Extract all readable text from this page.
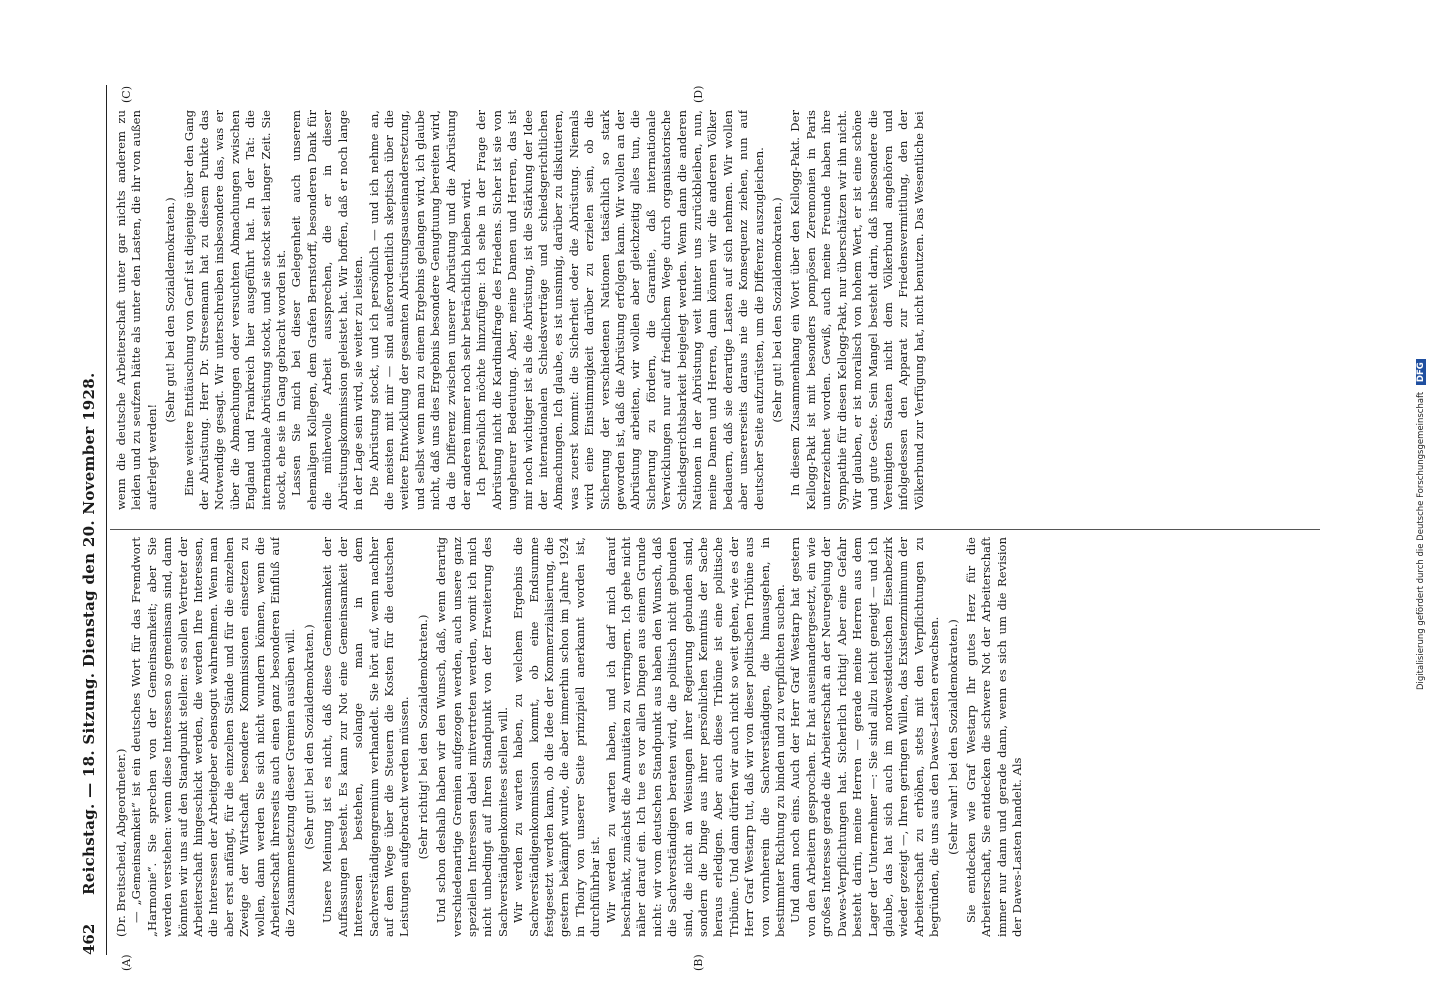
462
Reichstag. — 18. Sitzung. Dienstag den 20. November 1928.
(A)	(B)
(C)	(D)

(Dr. Breitscheid, Abgeordneter.) — „Gemeinsamkeit“ ist ein deutsches Wort für das Fremdwort „Harmonie“. Sie sprechen von der Gemeinsamkeit; aber Sie werden verstehen: wenn diese Interessen so gemeinsam sind, dann könnten wir uns auf den Standpunkt stellen: es sollen Vertreter der Arbeiterschaft hingeschickt werden, die werden Ihre Interessen, die Interessen der Arbeitgeber ebensogut wahrnehmen. Wenn man aber erst anfängt, für die einzelnen Stände und für die einzelnen Zweige der Wirtschaft besondere Kommissionen einsetzen zu wollen, dann werden Sie sich nicht wundern können, wenn die Arbeiterschaft ihrerseits auch einen ganz besonderen Einfluß auf die Zusammensetzung dieser Gremien ausüben will. (Sehr gut! bei den Sozialdemokraten.) Unsere Meinung ist es nicht, daß diese Gemeinsamkeit der Auffassungen besteht. Es kann zur Not eine Gemeinsamkeit der Interessen bestehen, solange man in dem Sachverständigengremium verhandelt. Sie hört auf, wenn nachher auf dem Wege über die Steuern die Kosten für die deutschen Leistungen aufgebracht werden müssen. (Sehr richtig! bei den Sozialdemokraten.) Und schon deshalb haben wir den Wunsch, daß, wenn derartig verschiedenartige Gremien aufgezogen werden, auch unsere ganz speziellen Interessen dabei mitvertreten werden, womit ich mich nicht unbedingt auf Ihren Standpunkt von der Erweiterung des Sachverständigenkomitees stellen will. Wir werden zu warten haben, zu welchem Ergebnis die Sachverständigenkommission kommt, ob eine Endsumme festgesetzt werden kann, ob die Idee der Kommerzialisierung, die gestern bekämpft wurde, die aber immerhin schon im Jahre 1924 in Thoiry von unserer Seite prinzipiell anerkannt worden ist, durchführbar ist. Wir werden zu warten haben, und ich darf mich darauf beschränkt, zunächst die Annuitäten zu verringern. Ich gehe nicht näher darauf ein. Ich tue es vor allen Dingen aus einem Grunde nicht: wir vom deutschen Standpunkt aus haben den Wunsch, daß die Sachverständigen beraten wird, die politisch nicht gebunden sind, die nicht an Weisungen ihrer Regierung gebunden sind, sondern die Dinge aus ihrer persönlichen Kenntnis der Sache heraus erledigen. Aber auch diese Tribüne ist eine politische Tribüne. Und dann dürfen wir auch nicht so weit gehen, wie es der Herr Graf Westarp tut, daß wir von dieser politischen Tribüne aus von vornherein die Sachverständigen, die hinausgehen, in bestimmter Richtung zu binden und zu verpflichten suchen. Und dann noch eins. Auch der Herr Graf Westarp hat gestern von den Arbeitern gesprochen. Er hat auseinandergesetzt, ein wie großes Interesse gerade die Arbeiterschaft an der Neuregelung der Dawes-Verpflichtungen hat. Sicherlich richtig! Aber eine Gefahr besteht darin, meine Herren — gerade meine Herren aus dem Lager der Unternehmer —: Sie sind allzu leicht geneigt — und ich glaube, das hat sich auch im nordwestdeutschen Eisenbezirk wieder gezeigt —, Ihren geringen Willen, das Existenzminimum der Arbeiterschaft zu erhöhen, stets mit den Verpflichtungen zu begründen, die uns aus den Dawes-Lasten erwachsen. (Sehr wahr! bei den Sozialdemokraten.) Sie entdecken wie Graf Westarp Ihr gutes Herz für die Arbeiterschaft, Sie entdecken die schwere Not der Arbeiterschaft immer nur dann und gerade dann, wenn es sich um die Revision der Dawes-Lasten handelt. Als

wenn die deutsche Arbeiterschaft unter gar nichts anderem zu leiden und zu seufzen hätte als unter den Lasten, die ihr von außen auferlegt werden!

(Sehr gut! bei den Sozialdemokraten.) Eine weitere Enttäuschung von Genf ist diejenige über den Gang der Abrüstung. Herr Dr. Stresemann hat zu diesem Punkte das Notwendige gesagt. Wir unterschreiben insbesondere das, was er über die Abmachungen oder versuchten Abmachungen zwischen England und Frankreich hier ausgeführt hat. In der Tat: die internationale Abrüstung stockt, und sie stockt seit langer Zeit. Sie stockt, ehe sie in Gang gebracht worden ist. Lassen Sie mich bei dieser Gelegenheit auch unserem ehemaligen Kollegen, dem Grafen Bernstorff, besonderen Dank für die mühevolle Arbeit aussprechen, die er in dieser Abrüstungskommission geleistet hat. Wir hoffen, daß er noch lange in der Lage sein wird, sie weiter zu leisten. Die Abrüstung stockt, und ich persönlich — und ich nehme an, die meisten mit mir — sind außerordentlich skeptisch über die weitere Entwicklung der gesamten Abrüstungsauseinandersetzung, und selbst wenn man zu einem Ergebnis gelangen wird, ich glaube nicht, daß uns dies Ergebnis besondere Genugtuung bereiten wird, da die Differenz zwischen unserer Abrüstung und die Abrüstung der anderen immer noch sehr beträchtlich bleiben wird. Ich persönlich möchte hinzufügen: ich sehe in der Frage der Abrüstung nicht die Kardinalfrage des Friedens. Sicher ist sie von ungeheurer Bedeutung. Aber, meine Damen und Herren, das ist mir noch wichtiger ist als die Abrüstung, ist die Stärkung der Idee der internationalen Schiedsverträge und schiedsgerichtlichen Abmachungen. Ich glaube, es ist unsinnig, darüber zu diskutieren, was zuerst kommt: die Sicherheit oder die Abrüstung. Niemals wird eine Einstimmigkeit darüber zu erzielen sein, ob die Sicherung der verschiedenen Nationen tatsächlich so stark geworden ist, daß die Abrüstung erfolgen kann. Wir wollen an der Abrüstung arbeiten, wir wollen aber gleichzeitig alles tun, die Sicherung zu fördern, die Garantie, daß internationale Verwicklungen nur auf friedlichem Wege durch organisatorische Schiedsgerichtsbarkeit beigelegt werden. Wenn dann die anderen Nationen in der Abrüstung weit hinter uns zurückbleiben, nun, meine Damen und Herren, dann können wir die anderen Völker bedauern, daß sie derartige Lasten auf sich nehmen. Wir wollen aber unsererseits daraus nie die Konsequenz ziehen, nun auf deutscher Seite aufzurüsten, um die Differenz auszugleichen. (Sehr gut! bei den Sozialdemokraten.) In diesem Zusammenhang ein Wort über den Kellogg-Pakt. Der Kellogg-Pakt ist mit besonders pompösen Zeremonien in Paris unterzeichnet worden. Gewiß, auch meine Freunde haben ihre Sympathie für diesen Kellogg-Pakt, nur überschätzen wir ihn nicht. Wir glauben, er ist moralisch von hohem Wert, er ist eine schöne und gute Geste. Sein Mangel besteht darin, daß insbesondere die Vereinigten Staaten nicht dem Völkerbund angehören und infolgedessen den Apparat zur Friedensvermittlung, den der Völkerbund zur Verfügung hat, nicht benutzen. Das Wesentliche bei

Digitalisierung gefördert durch die Deutsche Forschungsgemeinschaft DFG
